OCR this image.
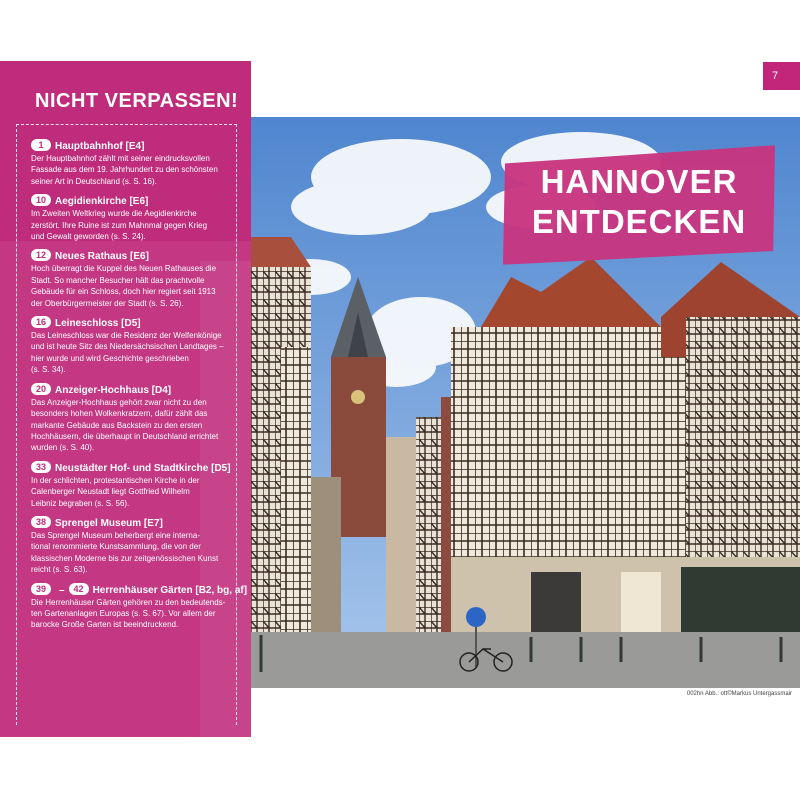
7
002hn Abb.: ott©Markus Untergassmair
HANNOVER
ENTDECKEN
NICHT VERPASSEN!
1 Hauptbahnhof [E4]
Der Hauptbahnhof zählt mit seiner eindrucksvollen
Fassade aus dem 19. Jahrhundert zu den schönsten
seiner Art in Deutschland (s. S. 16).
10 Aegidienkirche [E6]
Im Zweiten Weltkrieg wurde die Aegidienkirche
zerstört. Ihre Ruine ist zum Mahnmal gegen Krieg
und Gewalt geworden (s. S. 24).
12 Neues Rathaus [E6]
Hoch überragt die Kuppel des Neuen Rathauses die
Stadt. So mancher Besucher hält das prachtvolle
Gebäude für ein Schloss, doch hier regiert seit 1913
der Oberbürgermeister der Stadt (s. S. 26).
16 Leineschloss [D5]
Das Leineschloss war die Residenz der Welfenkönige
und ist heute Sitz des Niedersächsischen Landtages –
hier wurde und wird Geschichte geschrieben
(s. S. 34).
20 Anzeiger-Hochhaus [D4]
Das Anzeiger-Hochhaus gehört zwar nicht zu den
besonders hohen Wolkenkratzern, dafür zählt das
markante Gebäude aus Backstein zu den ersten
Hochhäusern, die überhaupt in Deutschland errichtet
wurden (s. S. 40).
33 Neustädter Hof- und Stadtkirche [D5]
In der schlichten, protestantischen Kirche in der
Calenberger Neustadt liegt Gottfried Wilhelm
Leibniz begraben (s. S. 56).
38 Sprengel Museum [E7]
Das Sprengel Museum beherbergt eine interna-
tional renommierte Kunstsammlung, die von der
klassischen Moderne bis zur zeitgenössischen Kunst
reicht (s. S. 63).
39 – 42 Herrenhäuser Gärten [B2, bg, af]
Die Herrenhäuser Gärten gehören zu den bedeutends-
ten Gartenanlagen Europas (s. S. 67). Vor allem der
barocke Große Garten ist beeindruckend.
